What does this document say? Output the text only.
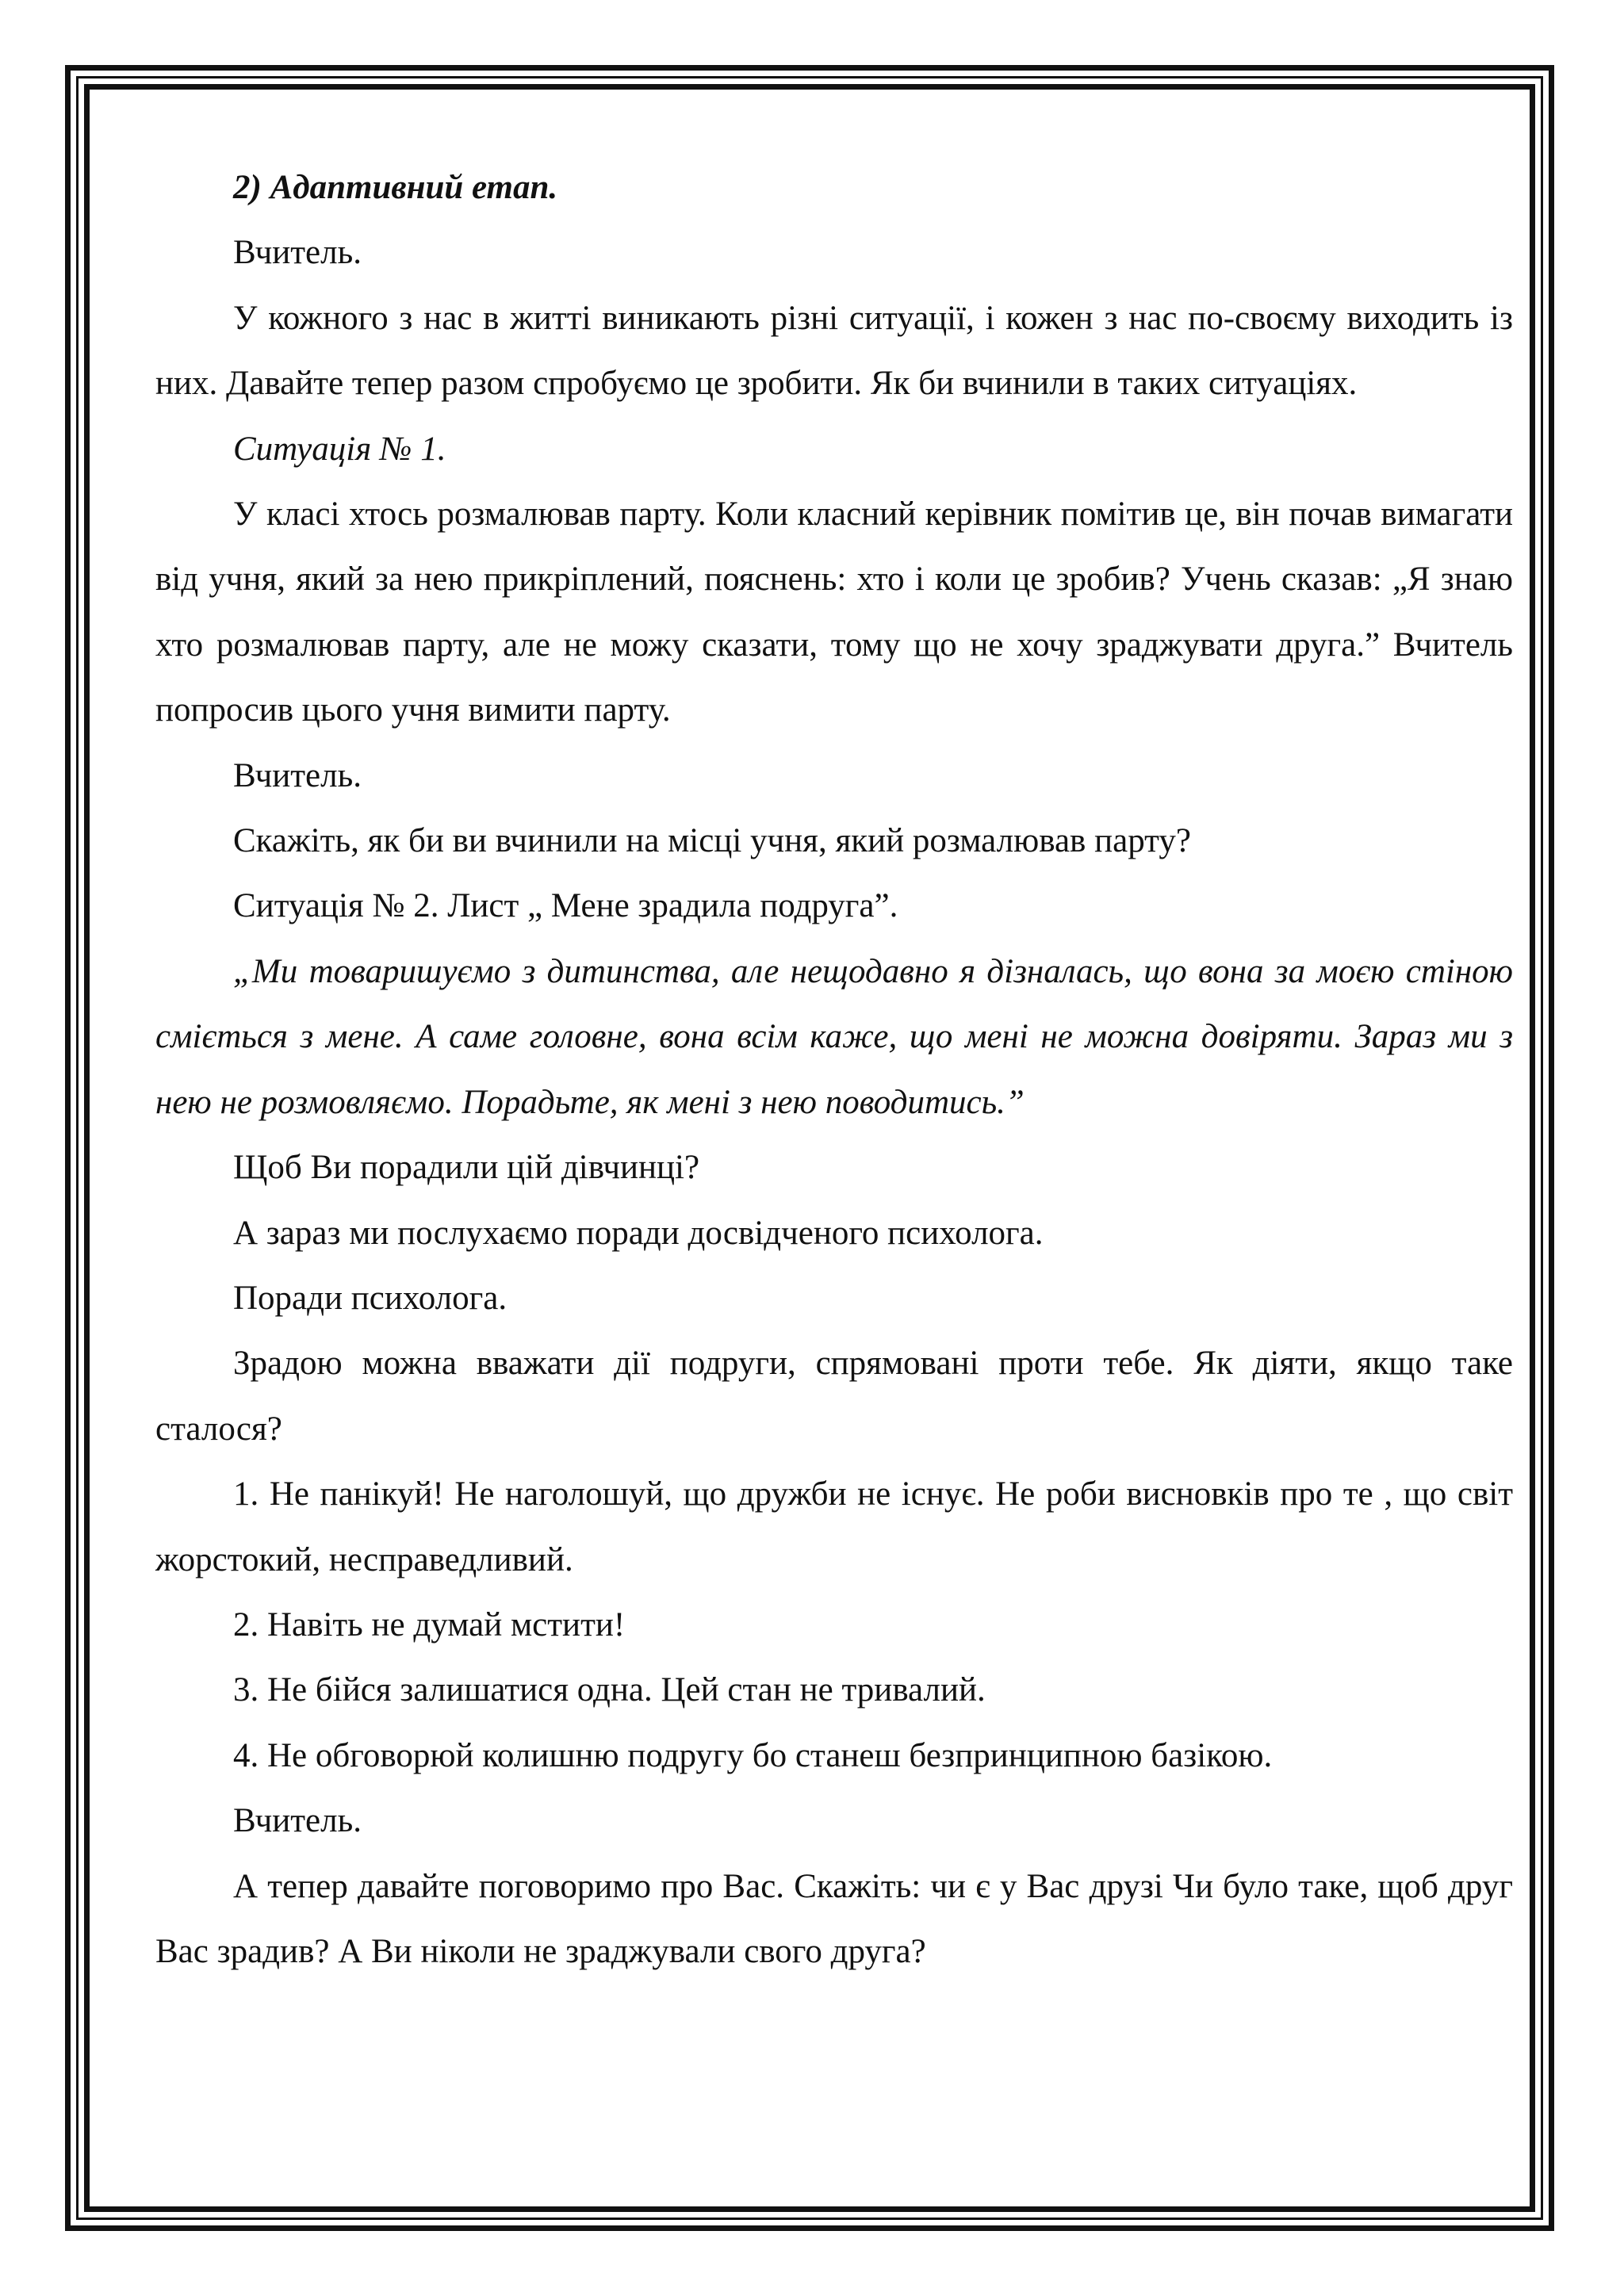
2) Адаптивний етап.

Вчитель.

У кожного з нас в житті виникають різні ситуації, і кожен з нас по-своєму виходить із них. Давайте тепер разом спробуємо це зробити. Як би вчинили в таких ситуаціях.

Ситуація № 1.

У класі хтось розмалював парту. Коли класний керівник помітив це, він почав вимагати від учня, який за нею прикріплений, пояснень: хто і коли це зробив? Учень сказав: „Я знаю хто розмалював парту, але не можу сказати, тому що не хочу зраджувати друга.” Вчитель попросив цього учня вимити парту.

Вчитель.

Скажіть, як би ви вчинили на місці учня, який розмалював парту?

Ситуація № 2. Лист „ Мене зрадила подруга”.

„Ми товаришуємо з дитинства, але нещодавно я дізналась, що вона за моєю стіною сміється з мене. А саме головне, вона всім каже, що мені не можна довіряти. Зараз ми з нею не розмовляємо. Порадьте, як мені з нею поводитись.”

Щоб Ви порадили цій дівчинці?

А зараз ми послухаємо поради досвідченого психолога.

Поради психолога.

Зрадою можна вважати дії подруги, спрямовані проти тебе. Як діяти, якщо таке сталося?

1. Не панікуй! Не наголошуй, що дружби не існує. Не роби висновків про те , що світ жорстокий, несправедливий.

2. Навіть не думай мстити!

3. Не бійся залишатися одна. Цей стан не тривалий.

4. Не обговорюй колишню подругу бо станеш безпринципною базікою.

Вчитель.

А тепер давайте поговоримо про Вас. Скажіть: чи є у Вас друзі Чи було таке, щоб друг Вас зрадив? А Ви ніколи не зраджували свого друга?
